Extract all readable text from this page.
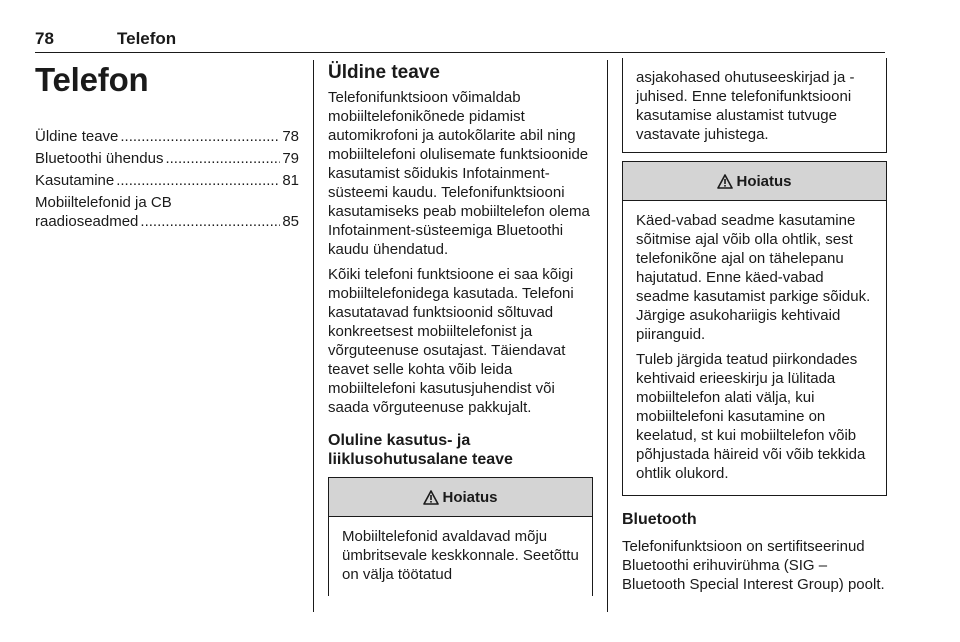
78	Telefon
Telefon
Üldine teave .....	78
Bluetoothi ühendus .....	79
Kasutamine .....	81
Mobiiltelefonid ja CB
raadioseadmed .....	85
Üldine teave

Telefonifunktsioon võimaldab mobiiltelefonikõnede pidamist automikrofoni ja autokõlarite abil ning mobiiltelefoni olulisemate funktsioonide kasutamist sõidukis Infotainment-süsteemi kaudu. Telefonifunktsiooni kasutamiseks peab mobiiltelefon olema Infotainment-süsteemiga Bluetoothi kaudu ühendatud.

Kõiki telefoni funktsioone ei saa kõigi mobiiltelefonidega kasutada. Telefoni kasutatavad funktsioonid sõltuvad konkreetsest mobiiltelefonist ja võrguteenuse osutajast. Täiendavat teavet selle kohta võib leida mobiiltelefoni kasutusjuhendist või saada võrguteenuse pakkujalt.

Oluline kasutus- ja liiklusohutusalane teave
Hoiatus

Mobiiltelefonid avaldavad mõju ümbritsevale keskkonnale. Seetõttu on välja töötatud

asjakohased ohutuseeskirjad ja -juhised. Enne telefonifunktsiooni kasutamise alustamist tutvuge vastavate juhistega.

Hoiatus

Käed-vabad seadme kasutamine sõitmise ajal võib olla ohtlik, sest telefonikõne ajal on tähelepanu hajutatud. Enne käed-vabad seadme kasutamist parkige sõiduk. Järgige asukohariigis kehtivaid piiranguid.

Tuleb järgida teatud piirkondades kehtivaid erieeskirju ja lülitada mobiiltelefon alati välja, kui mobiiltelefoni kasutamine on keelatud, st kui mobiiltelefon võib põhjustada häireid või võib tekkida ohtlik olukord.

Bluetooth

Telefonifunktsioon on sertifitseerinud Bluetoothi erihuvirühma (SIG – Bluetooth Special Interest Group) poolt.
